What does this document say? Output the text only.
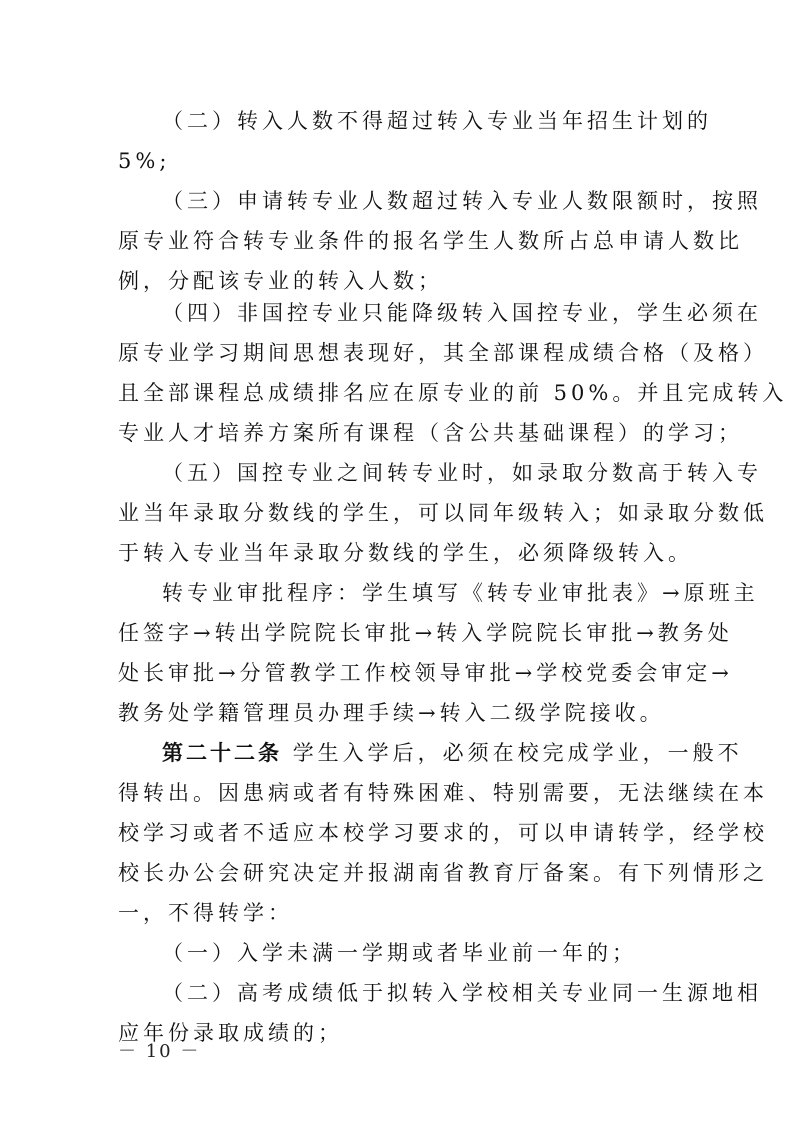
（二）转入人数不得超过转入专业当年招生计划的
5%;
（三）申请转专业人数超过转入专业人数限额时，按照
原专业符合转专业条件的报名学生人数所占总申请人数比
例，分配该专业的转入人数；
（四）非国控专业只能降级转入国控专业，学生必须在
原专业学习期间思想表现好，其全部课程成绩合格（及格）
且全部课程总成绩排名应在原专业的前 50%。并且完成转入
专业人才培养方案所有课程（含公共基础课程）的学习；
（五）国控专业之间转专业时，如录取分数高于转入专
业当年录取分数线的学生，可以同年级转入；如录取分数低
于转入专业当年录取分数线的学生，必须降级转入。
转专业审批程序：学生填写《转专业审批表》→原班主
任签字→转出学院院长审批→转入学院院长审批→教务处
处长审批→分管教学工作校领导审批→学校党委会审定→
教务处学籍管理员办理手续→转入二级学院接收。
第二十二条 学生入学后，必须在校完成学业，一般不
得转出。因患病或者有特殊困难、特别需要，无法继续在本
校学习或者不适应本校学习要求的，可以申请转学，经学校
校长办公会研究决定并报湖南省教育厅备案。有下列情形之
一，不得转学：
（一）入学未满一学期或者毕业前一年的；
（二）高考成绩低于拟转入学校相关专业同一生源地相
应年份录取成绩的；
－ 10 －
